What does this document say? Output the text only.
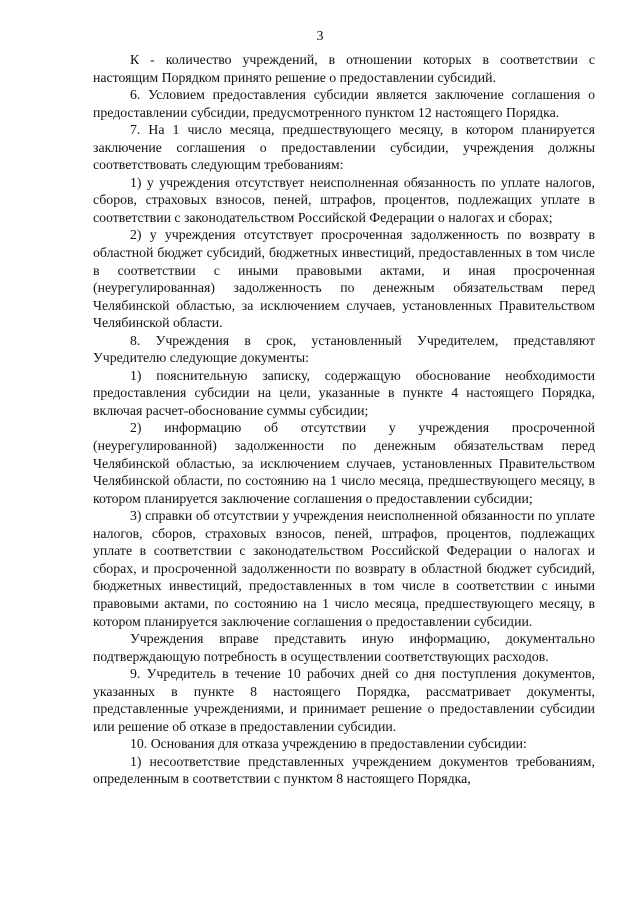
3

К - количество учреждений, в отношении которых в соответствии с настоящим Порядком принято решение о предоставлении субсидий.

6. Условием предоставления субсидии является заключение соглашения о предоставлении субсидии, предусмотренного пунктом 12 настоящего Порядка.

7. На 1 число месяца, предшествующего месяцу, в котором планируется заключение соглашения о предоставлении субсидии, учреждения должны соответствовать следующим требованиям:

1) у учреждения отсутствует неисполненная обязанность по уплате налогов, сборов, страховых взносов, пеней, штрафов, процентов, подлежащих уплате в соответствии с законодательством Российской Федерации о налогах и сборах;

2) у учреждения отсутствует просроченная задолженность по возврату в областной бюджет субсидий, бюджетных инвестиций, предоставленных в том числе в соответствии с иными правовыми актами, и иная просроченная (неурегулированная) задолженность по денежным обязательствам перед Челябинской областью, за исключением случаев, установленных Правительством Челябинской области.

8. Учреждения в срок, установленный Учредителем, представляют Учредителю следующие документы:

1) пояснительную записку, содержащую обоснование необходимости предоставления субсидии на цели, указанные в пункте 4 настоящего Порядка, включая расчет-обоснование суммы субсидии;

2) информацию об отсутствии у учреждения просроченной (неурегулированной) задолженности по денежным обязательствам перед Челябинской областью, за исключением случаев, установленных Правительством Челябинской области, по состоянию на 1 число месяца, предшествующего месяцу, в котором планируется заключение соглашения о предоставлении субсидии;

3) справки об отсутствии у учреждения неисполненной обязанности по уплате налогов, сборов, страховых взносов, пеней, штрафов, процентов, подлежащих уплате в соответствии с законодательством Российской Федерации о налогах и сборах, и просроченной задолженности по возврату в областной бюджет субсидий, бюджетных инвестиций, предоставленных в том числе в соответствии с иными правовыми актами, по состоянию на 1 число месяца, предшествующего месяцу, в котором планируется заключение соглашения о предоставлении субсидии.

Учреждения вправе представить иную информацию, документально подтверждающую потребность в осуществлении соответствующих расходов.

9. Учредитель в течение 10 рабочих дней со дня поступления документов, указанных в пункте 8 настоящего Порядка, рассматривает документы, представленные учреждениями, и принимает решение о предоставлении субсидии или решение об отказе в предоставлении субсидии.

10. Основания для отказа учреждению в предоставлении субсидии:

1) несоответствие представленных учреждением документов требованиям, определенным в соответствии с пунктом 8 настоящего Порядка,
